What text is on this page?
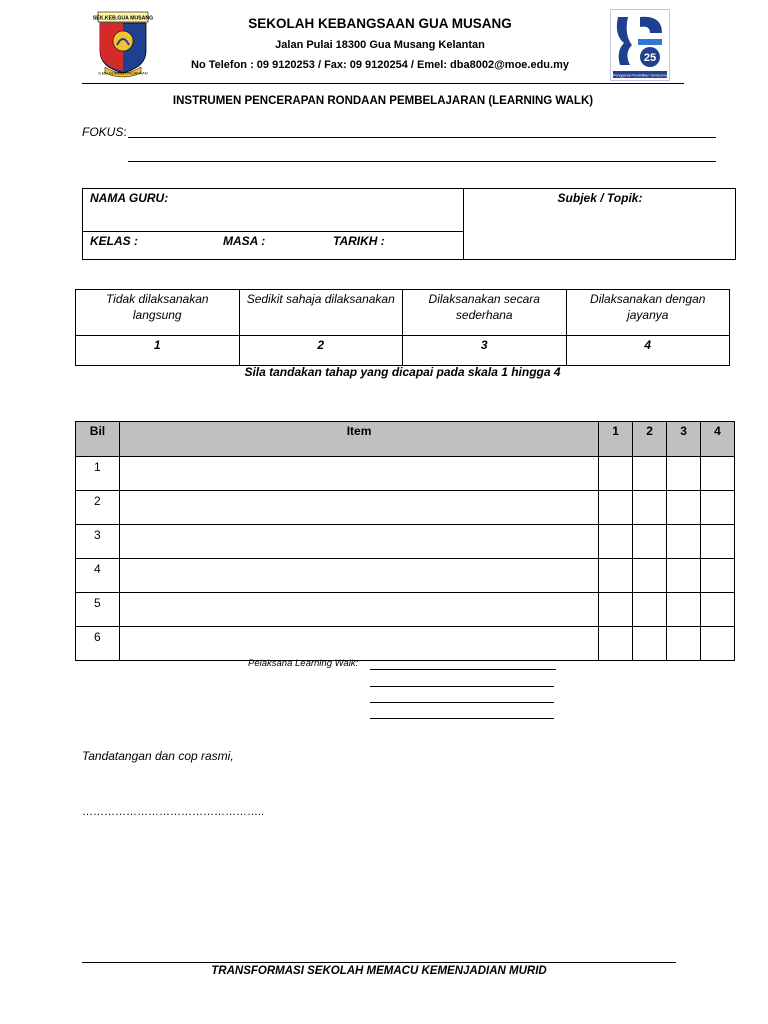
SEK.KEB.GUA MUSANG
ILMU SUMBER KEJAYAAN
SEKOLAH KEBANGSAAN GUA MUSANG
Jalan Pulai 18300 Gua Musang Kelantan
No Telefon : 09 9120253 / Fax: 09 9120254 / Emel: dba8002@moe.edu.my
25
Penggerak Pendidikan Sempurna
INSTRUMEN PENCERAPAN RONDAAN PEMBELAJARAN (LEARNING WALK)
FOKUS:
NAMA GURU:	Subjek / Topik:
KELAS :	MASA :	TARIKH :
Tidak dilaksanakan langsung	Sedikit sahaja dilaksanakan	Dilaksanakan secara sederhana	Dilaksanakan dengan jayanya
1	2	3	4
Sila tandakan tahap yang dicapai pada skala 1 hingga 4
Bil	Item	1	2	3	4
1					
2					
3					
4					
5					
6					
Pelaksana Learning Walk:
Tandatangan dan cop rasmi,
…………………………………………..
TRANSFORMASI SEKOLAH MEMACU KEMENJADIAN MURID
